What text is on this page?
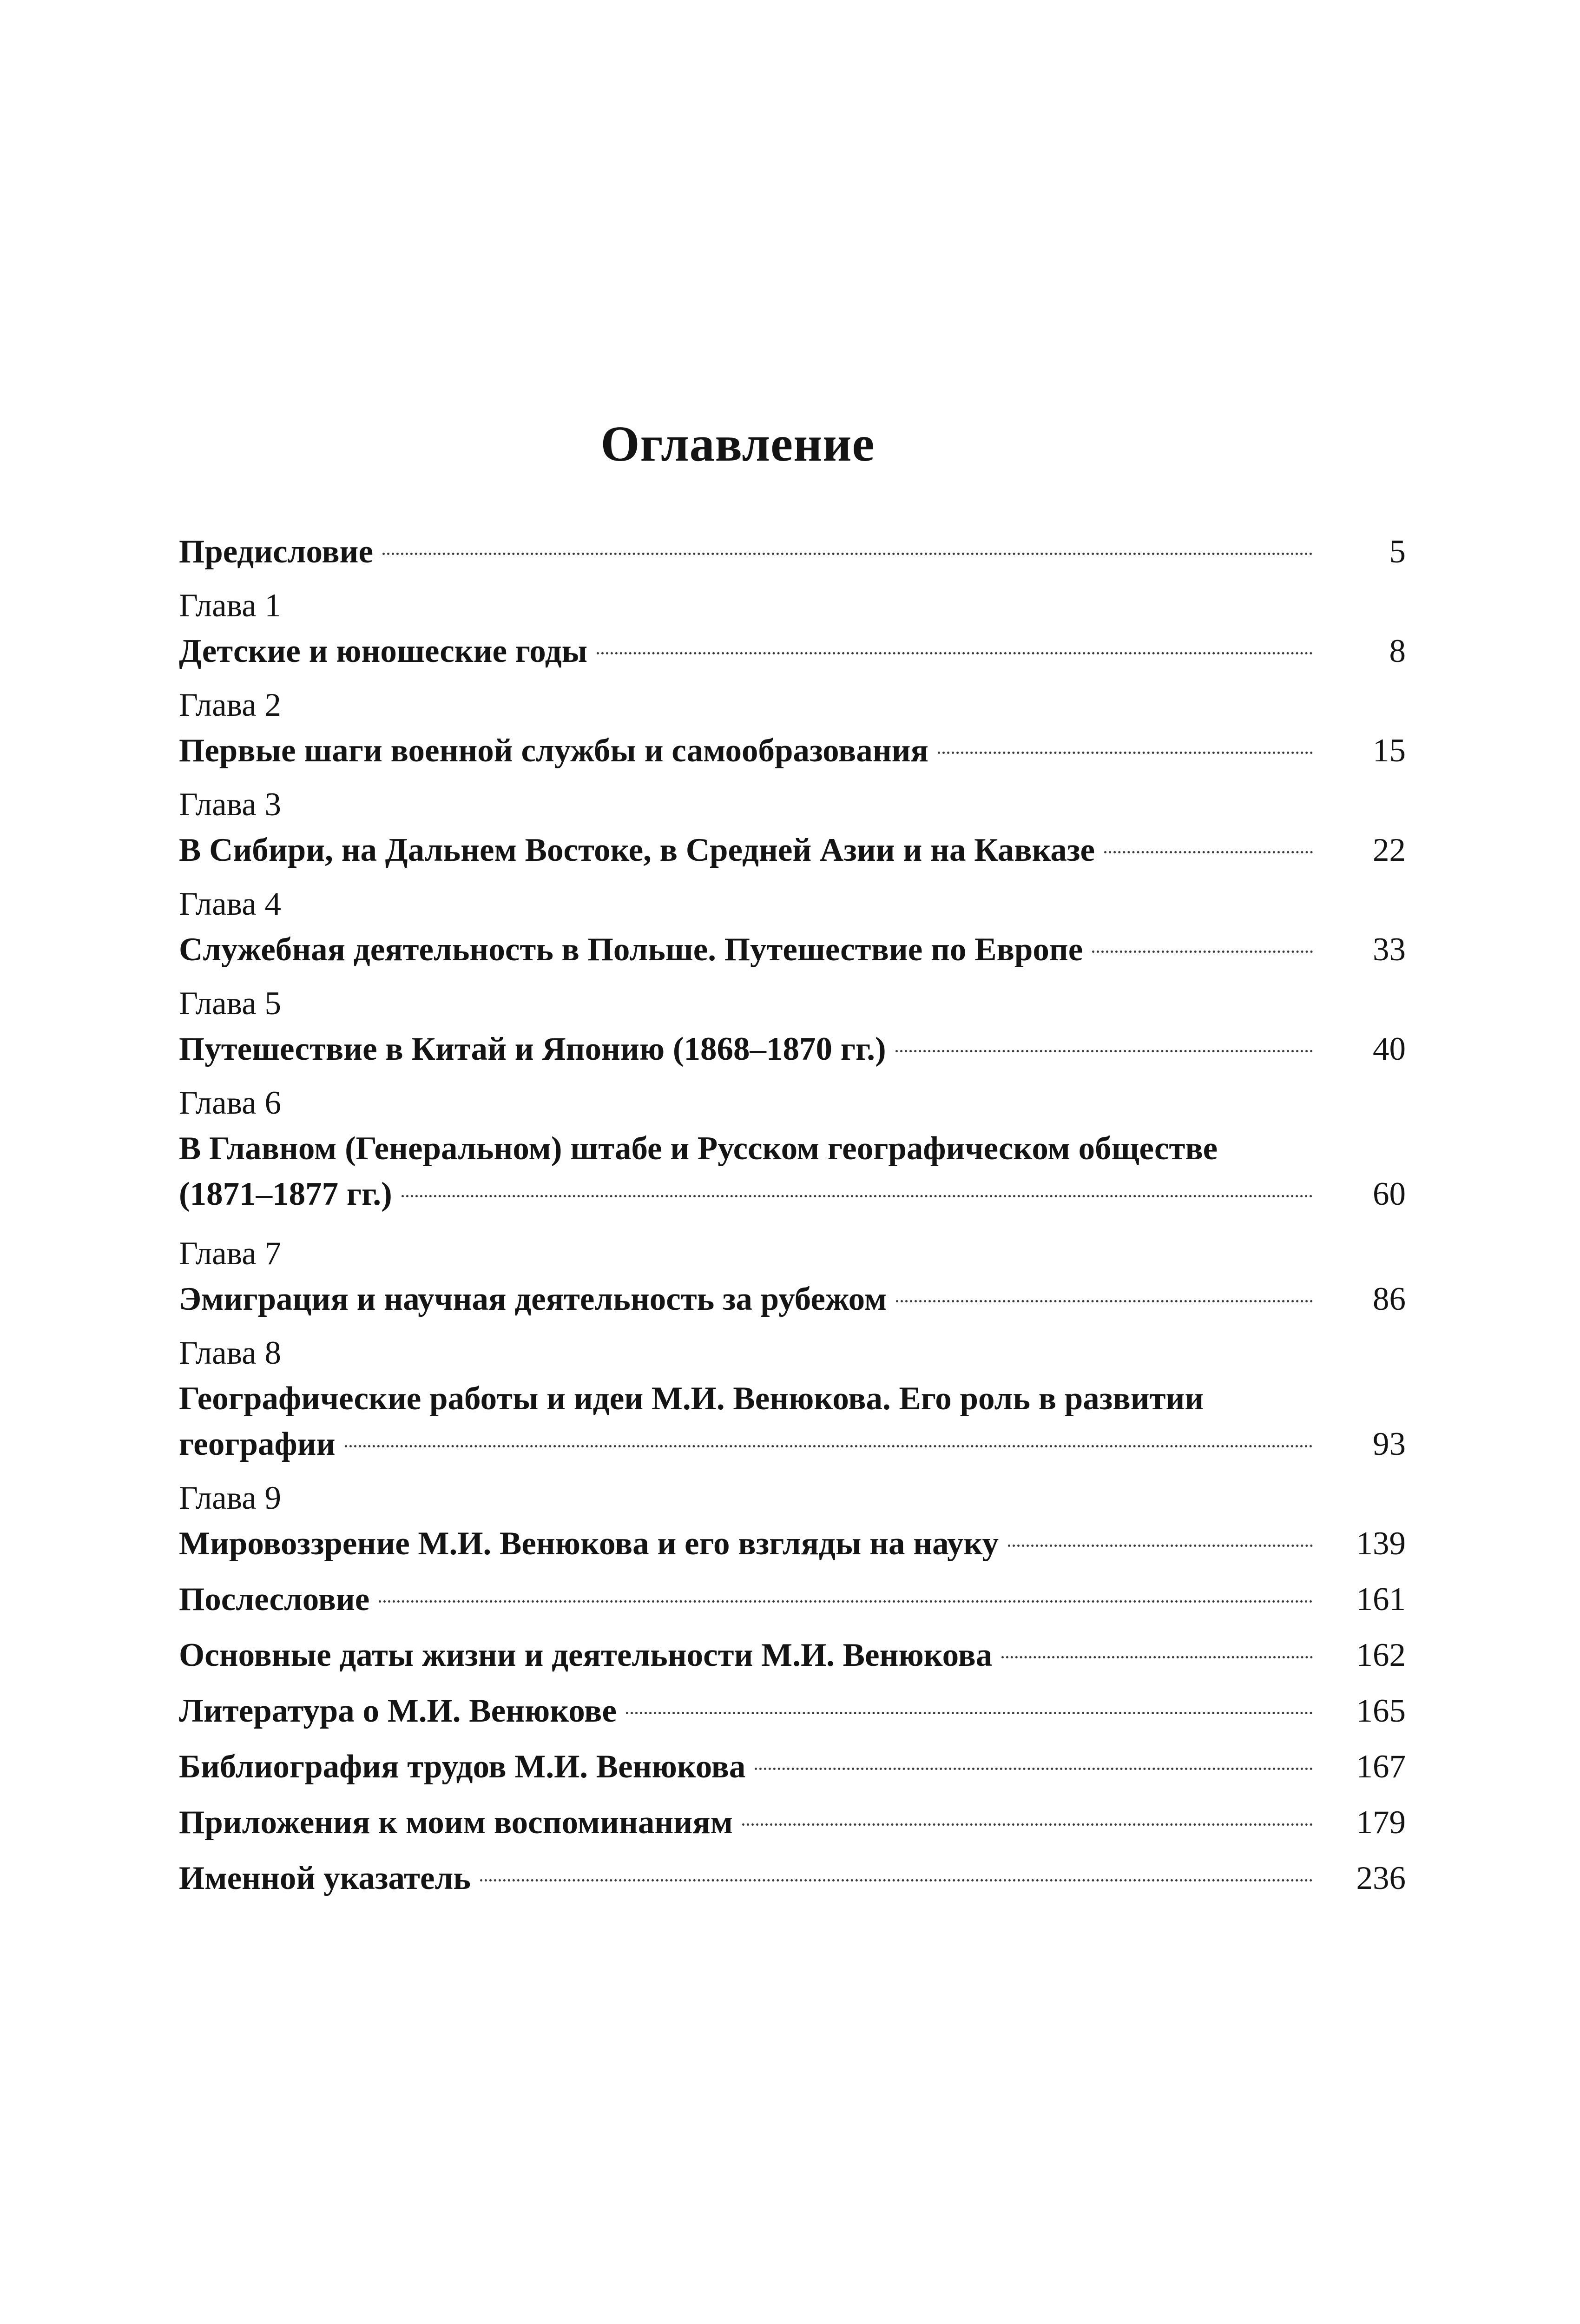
Оглавление
Предисловие	5
Глава 1
Детские и юношеские годы	8
Глава 2
Первые шаги военной службы и самообразования	15
Глава 3
В Сибири, на Дальнем Востоке, в Средней Азии и на Кавказе	22
Глава 4
Служебная деятельность в Польше. Путешествие по Европе	33
Глава 5
Путешествие в Китай и Японию (1868–1870 гг.)	40
Глава 6
В Главном (Генеральном) штабе и Русском географическом обществе
(1871–1877 гг.)	60
Глава 7
Эмиграция и научная деятельность за рубежом	86
Глава 8
Географические работы и идеи М.И. Венюкова. Его роль в развитии
географии	93
Глава 9
Мировоззрение М.И. Венюкова и его взгляды на науку	139
Послесловие	161
Основные даты жизни и деятельности М.И. Венюкова	162
Литература о М.И. Венюкове	165
Библиография трудов М.И. Венюкова	167
Приложения к моим воспоминаниям	179
Именной указатель	236
